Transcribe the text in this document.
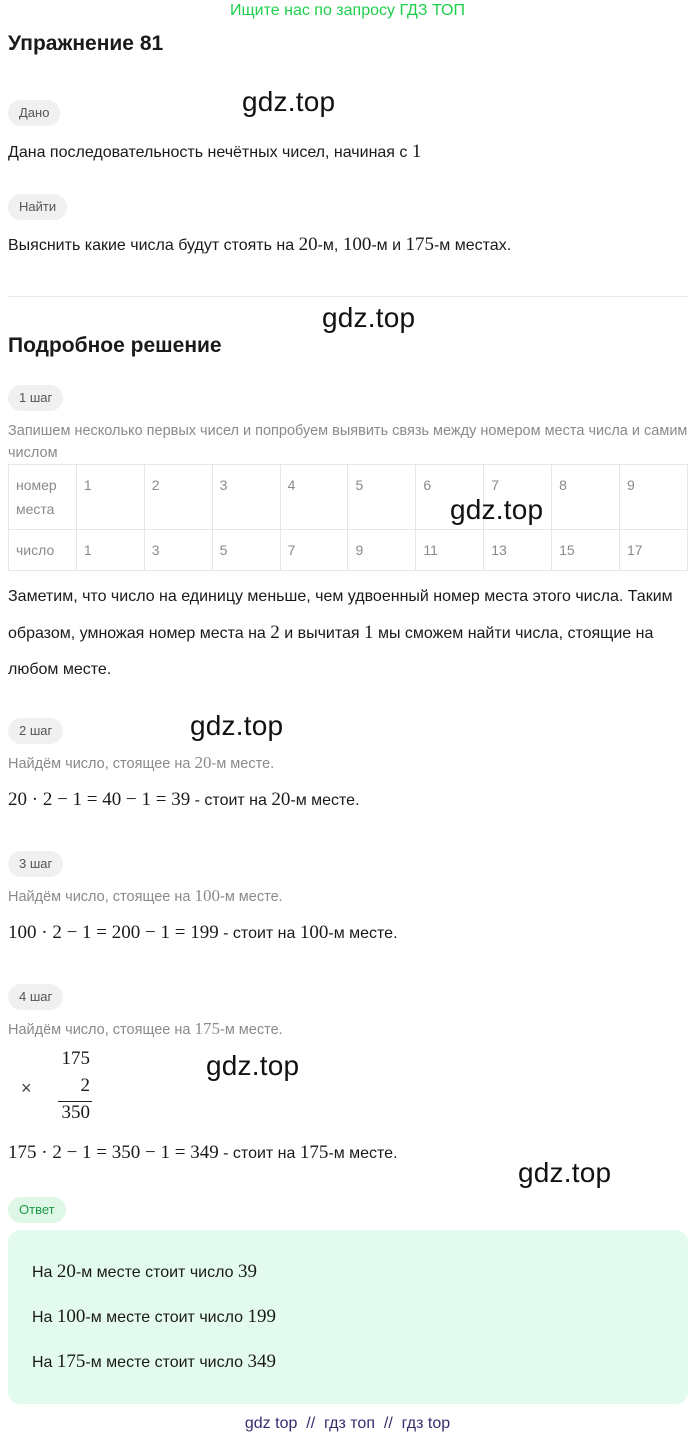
Ищите нас по запросу ГДЗ ТОП
Упражнение 81
Дано	gdz.top
Дана последовательность нечётных чисел, начиная с 1
Найти
Выяснить какие числа будут стоять на 20-м, 100-м и 175-м местах.
gdz.top
Подробное решение
1 шаг
Запишем несколько первых чисел и попробуем выявить связь между номером места числа и самим числом
номер места	1	2	3	4	5	6	7	8	9
число	1	3	5	7	9	11	13	15	17
gdz.top
Заметим, что число на единицу меньше, чем удвоенный номер места этого числа. Таким образом, умножая номер места на 2 и вычитая 1 мы сможем найти числа, стоящие на любом месте.
2 шаг	gdz.top
Найдём число, стоящее на 20-м месте.
20 · 2 − 1 = 40 − 1 = 39 - стоит на 20-м месте.
3 шаг
Найдём число, стоящее на 100-м месте.
100 · 2 − 1 = 200 − 1 = 199 - стоит на 100-м месте.
4 шаг
Найдём число, стоящее на 175-м месте.
×
175
2
350
gdz.top
175 · 2 − 1 = 350 − 1 = 349 - стоит на 175-м месте.
gdz.top
Ответ
На 20-м месте стоит число 39
На 100-м месте стоит число 199
На 175-м месте стоит число 349
gdz top  //  гдз топ  //  гдз top
